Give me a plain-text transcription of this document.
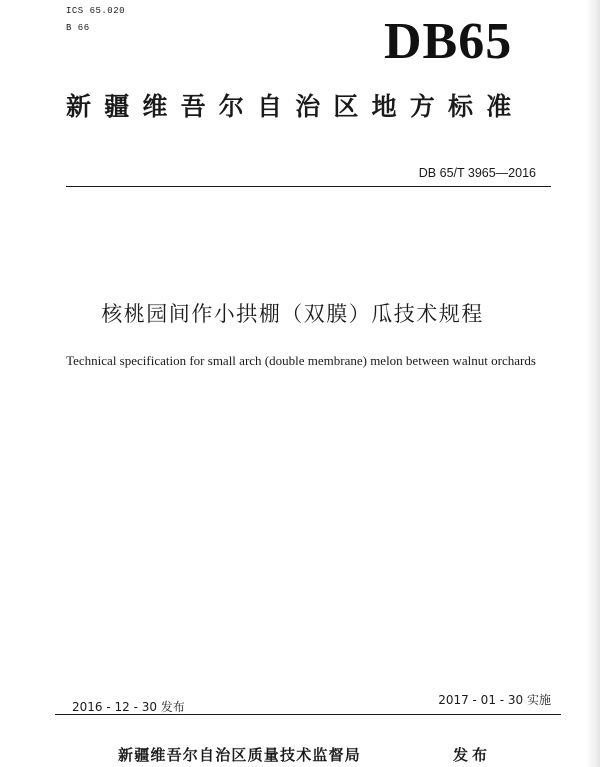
ICS 65.020
B 66	DB65
新疆维吾尔自治区地方标准
DB 65/T 3965—2016
核桃园间作小拱棚（双膜）瓜技术规程
Technical specification for small arch (double membrane) melon between walnut orchards
2016 - 12 - 30 发布	2017 - 01 - 30 实施
新疆维吾尔自治区质量技术监督局	发布
